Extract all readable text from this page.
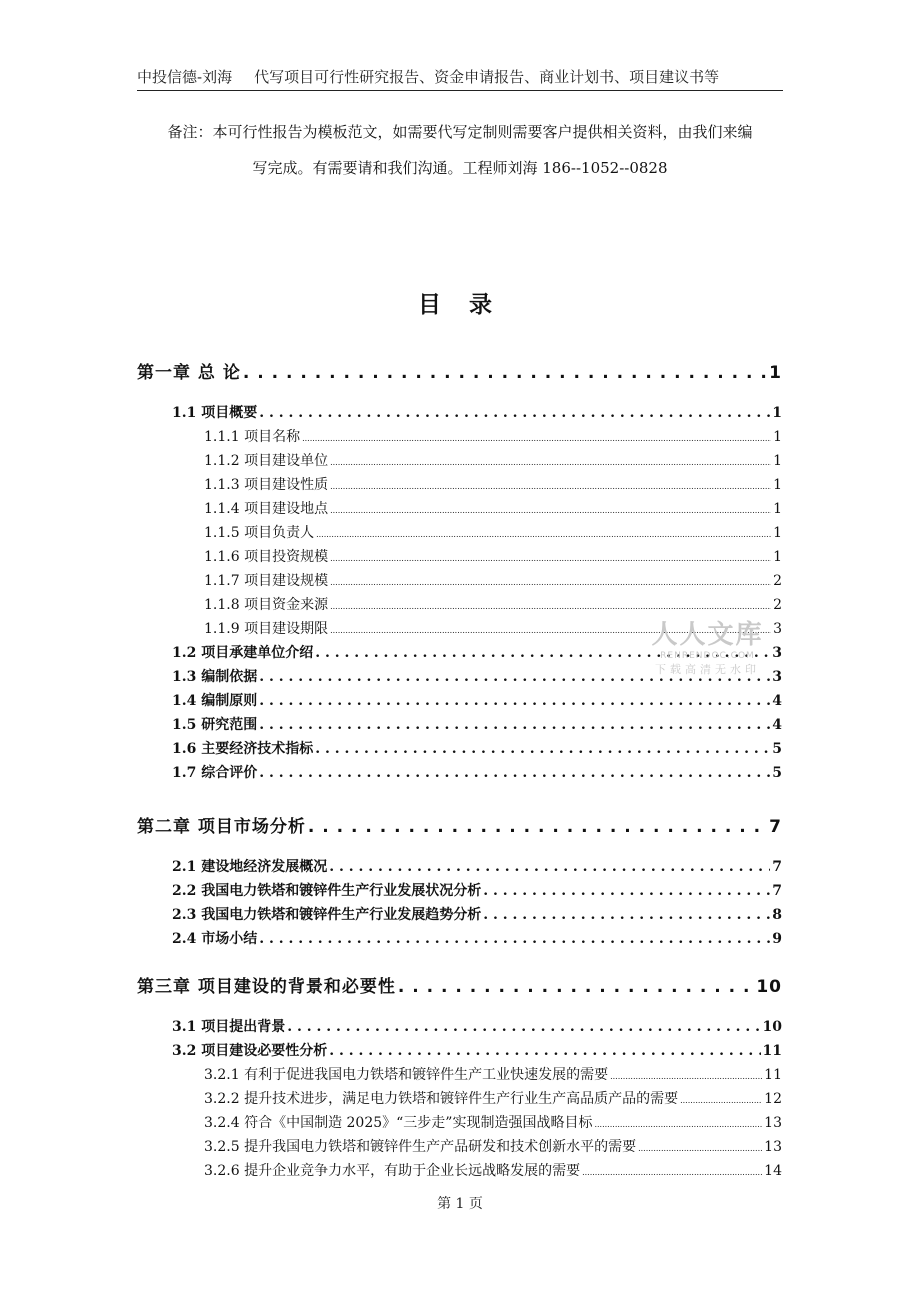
中投信德-刘海 代写项目可行性研究报告、资金申请报告、商业计划书、项目建议书等
备注：本可行性报告为模板范文，如需要代写定制则需要客户提供相关资料，由我们来编
写完成。有需要请和我们沟通。工程师刘海 186--1052--0828
目 录
第一章 总 论 . . .	1
1.1 项目概要 . . .	1
1.1.1 项目名称 .....	1
1.1.2 项目建设单位 .....	1
1.1.3 项目建设性质 .....	1
1.1.4 项目建设地点 .....	1
1.1.5 项目负责人 .....	1
1.1.6 项目投资规模 .....	1
1.1.7 项目建设规模 .....	2
1.1.8 项目资金来源 .....	2
1.1.9 项目建设期限 .....	3
1.2 项目承建单位介绍 . . .	3
1.3 编制依据 . . .	3
1.4 编制原则 . . .	4
1.5 研究范围 . . .	4
1.6 主要经济技术指标 . . .	5
1.7 综合评价 . . .	5
第二章 项目市场分析 . . .	7
2.1 建设地经济发展概况 . . .	7
2.2 我国电力铁塔和镀锌件生产行业发展状况分析 . . .	7
2.3 我国电力铁塔和镀锌件生产行业发展趋势分析 . . .	8
2.4 市场小结 . . .	9
第三章 项目建设的背景和必要性 . . .	10
3.1 项目提出背景 . . .	10
3.2 项目建设必要性分析 . . .	11
3.2.1 有利于促进我国电力铁塔和镀锌件生产工业快速发展的需要 .....	11
3.2.2 提升技术进步，满足电力铁塔和镀锌件生产行业生产高品质产品的需要 .....	12
3.2.4 符合《中国制造 2025》“三步走”实现制造强国战略目标 .....	13
3.2.5 提升我国电力铁塔和镀锌件生产产品研发和技术创新水平的需要 .....	13
3.2.6 提升企业竞争力水平，有助于企业长远战略发展的需要 .....	14
人人文库
RENRENDOC.COM
下载高清无水印
第 1 页
